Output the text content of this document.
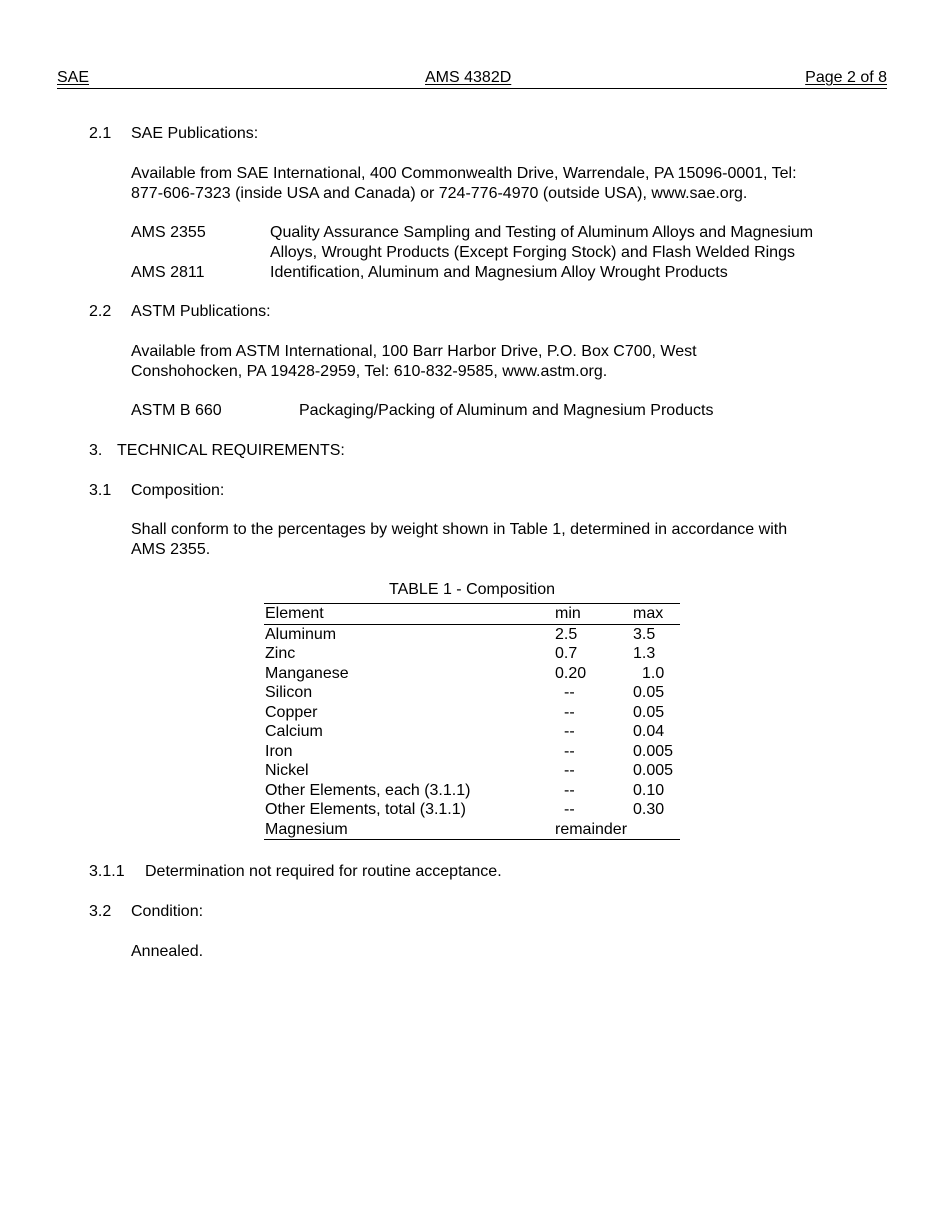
SAE	AMS 4382D	Page 2 of 8
2.1 SAE Publications:
Available from SAE International, 400 Commonwealth Drive, Warrendale, PA 15096-0001, Tel:
877-606-7323 (inside USA and Canada) or 724-776-4970 (outside USA), www.sae.org.
AMS 2355	Quality Assurance Sampling and Testing of Aluminum Alloys and Magnesium
Alloys, Wrought Products (Except Forging Stock) and Flash Welded Rings
AMS 2811	Identification, Aluminum and Magnesium Alloy Wrought Products
2.2 ASTM Publications:
Available from ASTM International, 100 Barr Harbor Drive, P.O. Box C700, West
Conshohocken, PA 19428-2959, Tel: 610-832-9585, www.astm.org.
ASTM B 660	Packaging/Packing of Aluminum and Magnesium Products
3. TECHNICAL REQUIREMENTS:
3.1 Composition:
Shall conform to the percentages by weight shown in Table 1, determined in accordance with
AMS 2355.
TABLE 1 - Composition
Element	min	max
Aluminum	2.5	3.5
Zinc	0.7	1.3
Manganese	0.20	1.0
Silicon	--	0.05
Copper	--	0.05
Calcium	--	0.04
Iron	--	0.005
Nickel	--	0.005
Other Elements, each (3.1.1)	--	0.10
Other Elements, total (3.1.1)	--	0.30
Magnesium	remainder	
3.1.1 Determination not required for routine acceptance.
3.2 Condition:
Annealed.
